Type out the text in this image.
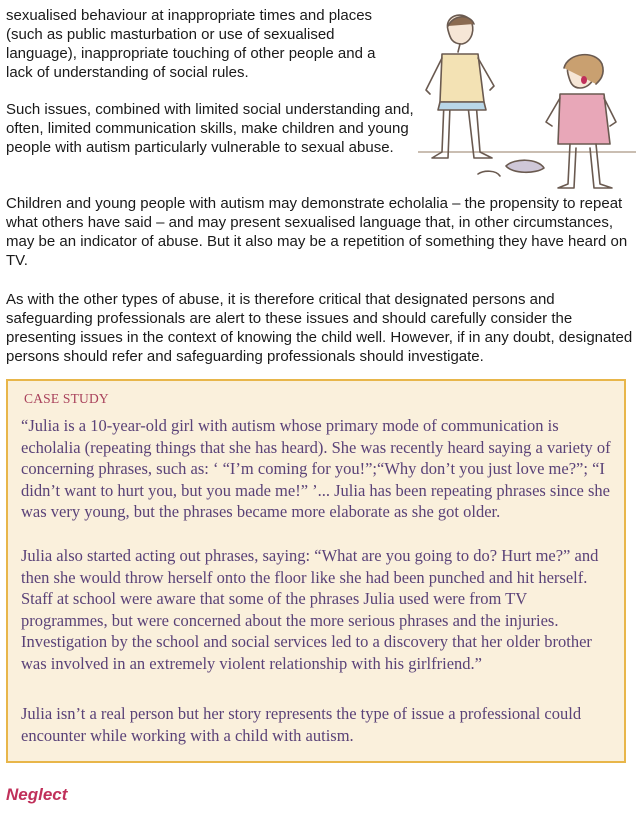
sexualised behaviour at inappropriate times and places (such as public masturbation or use of sexualised language), inappropriate touching of other people and a lack of understanding of social rules.

Such issues, combined with limited social understanding and, often, limited communication skills, make children and young people with autism particularly vulnerable to sexual abuse.

Children and young people with autism may demonstrate echolalia – the propensity to repeat what others have said – and may present sexualised language that, in other circumstances, may be an indicator of abuse. But it also may be a repetition of something they have heard on TV.

As with the other types of abuse, it is therefore critical that designated persons and safeguarding professionals are alert to these issues and should carefully consider the presenting issues in the context of knowing the child well. However, if in any doubt, designated persons should refer and safeguarding professionals should investigate.

CASE STUDY

“Julia is a 10-year-old girl with autism whose primary mode of communication is echolalia (repeating things that she has heard). She was recently heard saying a variety of concerning phrases, such as: ‘ “I’m coming for you!”;“Why don’t you just love me?”; “I didn’t want to hurt you, but you made me!” ’... Julia has been repeating phrases since she was very young, but the phrases became more elaborate as she got older.

Julia also started acting out phrases, saying: “What are you going to do? Hurt me?” and then she would throw herself onto the floor like she had been punched and hit herself. Staff at school were aware that some of the phrases Julia used were from TV programmes, but were concerned about the more serious phrases and the injuries. Investigation by the school and social services led to a discovery that her older brother was involved in an extremely violent relationship with his girlfriend.”

Julia isn’t a real person but her story represents the type of issue a professional could encounter while working with a child with autism.

Neglect
